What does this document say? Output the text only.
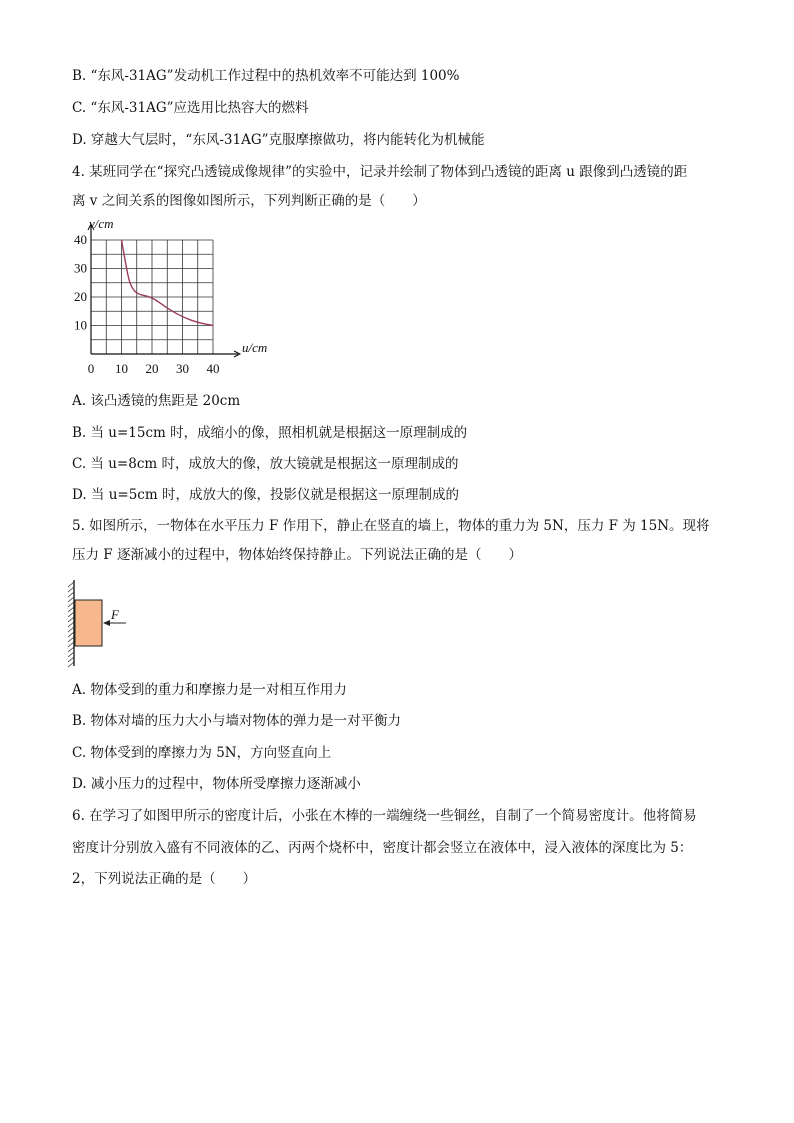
B. “东风-31AG”发动机工作过程中的热机效率不可能达到 100%
C. “东风-31AG”应选用比热容大的燃料
D. 穿越大气层时，“东风-31AG”克服摩擦做功，将内能转化为机械能
4. 某班同学在“探究凸透镜成像规律”的实验中，记录并绘制了物体到凸透镜的距离 u 跟像到凸透镜的距
离 v 之间关系的图像如图所示，下列判断正确的是（　　）
0 10 20 30 40
10
20
30
40
v/cm
u/cm
A. 该凸透镜的焦距是 20cm
B. 当 u=15cm 时，成缩小的像，照相机就是根据这一原理制成的
C. 当 u=8cm 时，成放大的像，放大镜就是根据这一原理制成的
D. 当 u=5cm 时，成放大的像，投影仪就是根据这一原理制成的
5. 如图所示，一物体在水平压力 F 作用下，静止在竖直的墙上，物体的重力为 5N，压力 F 为 15N。现将
压力 F 逐渐减小的过程中，物体始终保持静止。下列说法正确的是（　　）
F
A. 物体受到的重力和摩擦力是一对相互作用力
B. 物体对墙的压力大小与墙对物体的弹力是一对平衡力
C. 物体受到的摩擦力为 5N，方向竖直向上
D. 减小压力的过程中，物体所受摩擦力逐渐减小
6. 在学习了如图甲所示的密度计后，小张在木棒的一端缠绕一些铜丝，自制了一个简易密度计。他将简易
密度计分别放入盛有不同液体的乙、丙两个烧杯中，密度计都会竖立在液体中，浸入液体的深度比为 5：
2，下列说法正确的是（　　）
